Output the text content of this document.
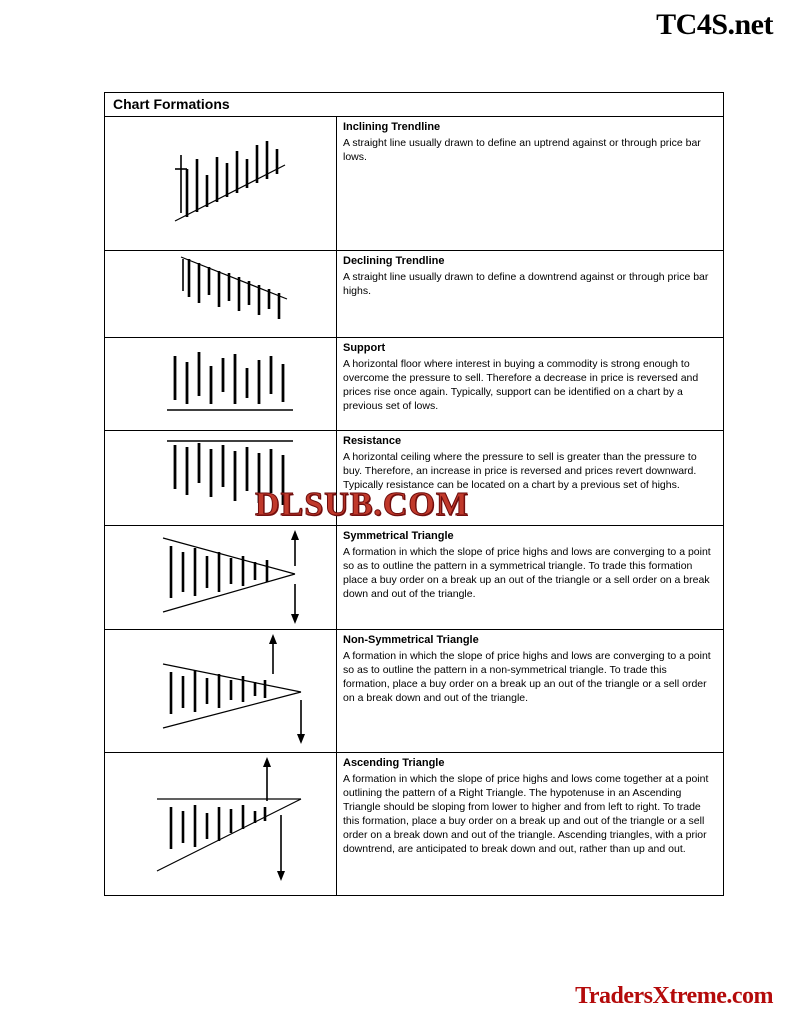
TC4S.net
Chart Formations

Inclining Trendline

A straight line usually drawn to define an uptrend against or through price bar lows.

Declining Trendline

A straight line usually drawn to define a downtrend against or through price bar highs.

Support

A horizontal floor where interest in buying a commodity is strong enough to overcome the pressure to sell. Therefore a decrease in price is reversed and prices rise once again. Typically, support can be identified on a chart by a previous set of lows.

Resistance

A horizontal ceiling where the pressure to sell is greater than the pressure to buy. Therefore, an increase in price is reversed and prices revert downward. Typically resistance can be located on a chart by a previous set of highs.

Symmetrical Triangle

A formation in which the slope of price highs and lows are converging to a point so as to outline the pattern in a symmetrical triangle. To trade this formation place a buy order on a break up an out of the triangle or a sell order on a break down and out of the triangle.

Non-Symmetrical Triangle

A formation in which the slope of price highs and lows are converging to a point so as to outline the pattern in a non-symmetrical triangle. To trade this formation, place a buy order on a break up an out of the triangle or a sell order on a break down and out of the triangle.

Ascending Triangle

A formation in which the slope of price highs and lows come together at a point outlining the pattern of a Right Triangle. The hypotenuse in an Ascending Triangle should be sloping from lower to higher and from left to right. To trade this formation, place a buy order on a break up and out of the triangle or a sell order on a break down and out of the triangle. Ascending triangles, with a prior downtrend, are anticipated to break down and out, rather than up and out.

DLSUB.COM
TradersXtreme.com
